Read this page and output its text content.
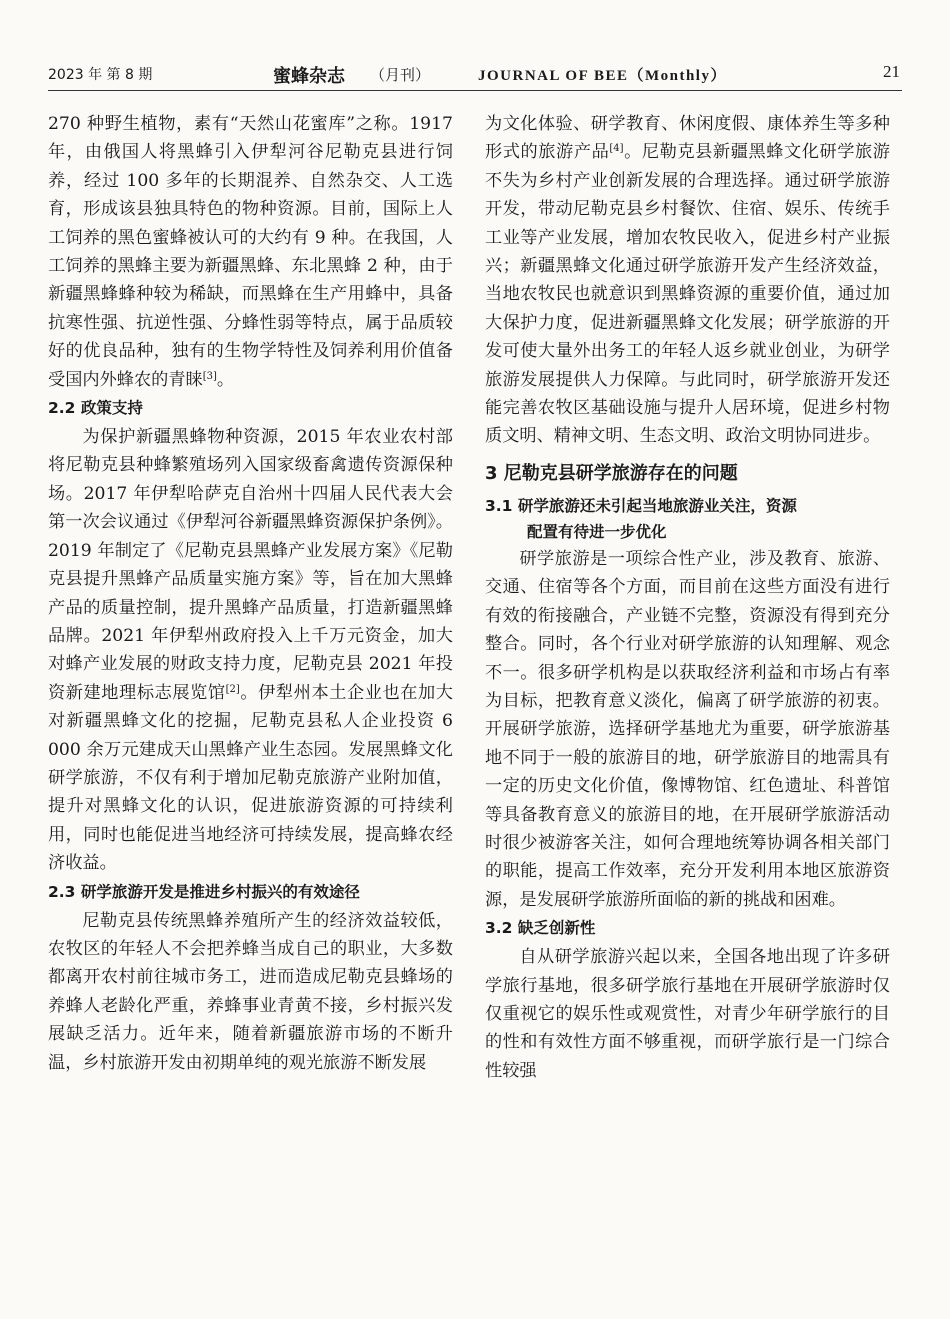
2023 年 第 8 期	蜜蜂杂志 （月刊）	JOURNAL OF BEE（Monthly）	21

270 种野生植物，素有“天然山花蜜库”之称。1917 年，由俄国人将黑蜂引入伊犁河谷尼勒克县进行饲养，经过 100 多年的长期混养、自然杂交、人工选育，形成该县独具特色的物种资源。目前，国际上人工饲养的黑色蜜蜂被认可的大约有 9 种。在我国，人工饲养的黑蜂主要为新疆黑蜂、东北黑蜂 2 种，由于新疆黑蜂蜂种较为稀缺，而黑蜂在生产用蜂中，具备抗寒性强、抗逆性强、分蜂性弱等特点，属于品质较好的优良品种，独有的生物学特性及饲养利用价值备受国内外蜂农的青睐[3]。

2.2 政策支持

为保护新疆黑蜂物种资源，2015 年农业农村部将尼勒克县种蜂繁殖场列入国家级畜禽遗传资源保种场。2017 年伊犁哈萨克自治州十四届人民代表大会第一次会议通过《伊犁河谷新疆黑蜂资源保护条例》。2019 年制定了《尼勒克县黑蜂产业发展方案》《尼勒克县提升黑蜂产品质量实施方案》等，旨在加大黑蜂产品的质量控制，提升黑蜂产品质量，打造新疆黑蜂品牌。2021 年伊犁州政府投入上千万元资金，加大对蜂产业发展的财政支持力度，尼勒克县 2021 年投资新建地理标志展览馆[2]。伊犁州本土企业也在加大对新疆黑蜂文化的挖掘，尼勒克县私人企业投资 6 000 余万元建成天山黑蜂产业生态园。发展黑蜂文化研学旅游，不仅有利于增加尼勒克旅游产业附加值，提升对黑蜂文化的认识，促进旅游资源的可持续利用，同时也能促进当地经济可持续发展，提高蜂农经济收益。

2.3 研学旅游开发是推进乡村振兴的有效途径

尼勒克县传统黑蜂养殖所产生的经济效益较低，农牧区的年轻人不会把养蜂当成自己的职业，大多数都离开农村前往城市务工，进而造成尼勒克县蜂场的养蜂人老龄化严重，养蜂事业青黄不接，乡村振兴发展缺乏活力。近年来，随着新疆旅游市场的不断升温，乡村旅游开发由初期单纯的观光旅游不断发展

为文化体验、研学教育、休闲度假、康体养生等多种形式的旅游产品[4]。尼勒克县新疆黑蜂文化研学旅游不失为乡村产业创新发展的合理选择。通过研学旅游开发，带动尼勒克县乡村餐饮、住宿、娱乐、传统手工业等产业发展，增加农牧民收入，促进乡村产业振兴；新疆黑蜂文化通过研学旅游开发产生经济效益，当地农牧民也就意识到黑蜂资源的重要价值，通过加大保护力度，促进新疆黑蜂文化发展；研学旅游的开发可使大量外出务工的年轻人返乡就业创业，为研学旅游发展提供人力保障。与此同时，研学旅游开发还能完善农牧区基础设施与提升人居环境，促进乡村物质文明、精神文明、生态文明、政治文明协同进步。

3 尼勒克县研学旅游存在的问题
3.1 研学旅游还未引起当地旅游业关注，资源
配置有待进一步优化

研学旅游是一项综合性产业，涉及教育、旅游、交通、住宿等各个方面，而目前在这些方面没有进行有效的衔接融合，产业链不完整，资源没有得到充分整合。同时，各个行业对研学旅游的认知理解、观念不一。很多研学机构是以获取经济利益和市场占有率为目标，把教育意义淡化，偏离了研学旅游的初衷。开展研学旅游，选择研学基地尤为重要，研学旅游基地不同于一般的旅游目的地，研学旅游目的地需具有一定的历史文化价值，像博物馆、红色遗址、科普馆等具备教育意义的旅游目的地，在开展研学旅游活动时很少被游客关注，如何合理地统筹协调各相关部门的职能，提高工作效率，充分开发利用本地区旅游资源，是发展研学旅游所面临的新的挑战和困难。

3.2 缺乏创新性

自从研学旅游兴起以来，全国各地出现了许多研学旅行基地，很多研学旅行基地在开展研学旅游时仅仅重视它的娱乐性或观赏性，对青少年研学旅行的目的性和有效性方面不够重视，而研学旅行是一门综合性较强
